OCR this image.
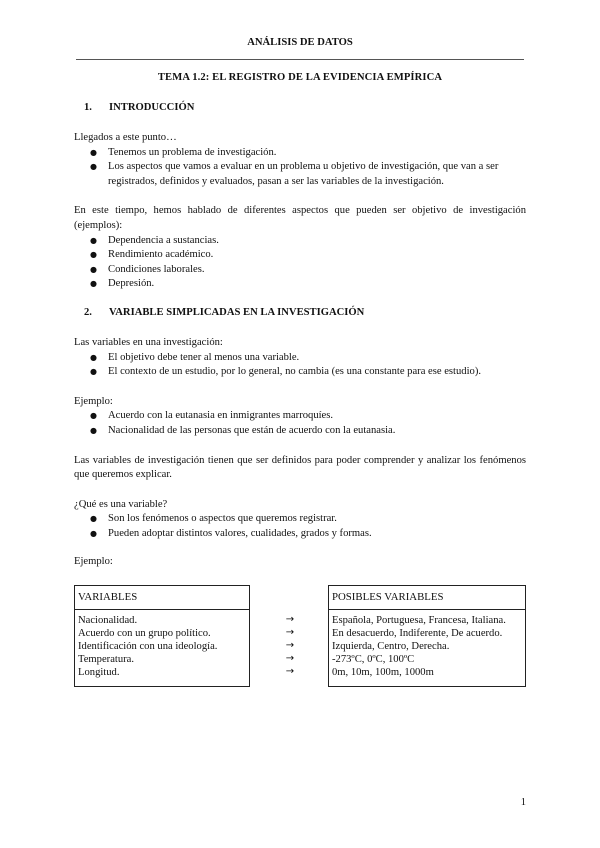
ANÁLISIS DE DATOS
TEMA 1.2: EL REGISTRO DE LA EVIDENCIA EMPÍRICA
1. INTRODUCCIÓN

Llegados a este punto…

● Tenemos un problema de investigación.
● Los aspectos que vamos a evaluar en un problema u objetivo de investigación, que van a ser registrados, definidos y evaluados, pasan a ser las variables de la investigación.

En este tiempo, hemos hablado de diferentes aspectos que pueden ser objetivo de investigación (ejemplos):

● Dependencia a sustancias.
● Rendimiento académico.
● Condiciones laborales.
● Depresión.
2. VARIABLE SIMPLICADAS EN LA INVESTIGACIÓN

Las variables en una investigación:

● El objetivo debe tener al menos una variable.
● El contexto de un estudio, por lo general, no cambia (es una constante para ese estudio).

Ejemplo:

● Acuerdo con la eutanasia en inmigrantes marroquíes.
● Nacionalidad de las personas que están de acuerdo con la eutanasia.

Las variables de investigación tienen que ser definidos para poder comprender y analizar los fenómenos que queremos explicar.

¿Qué es una variable?

● Son los fenómenos o aspectos que queremos registrar.
● Pueden adoptar distintos valores, cualidades, grados y formas.

Ejemplo:

VARIABLES
Nacionalidad.
Acuerdo con un grupo político.
Identificación con una ideología.
Temperatura.
Longitud.
→
→
→
→
→
POSIBLES VARIABLES
Española, Portuguesa, Francesa, Italiana.
En desacuerdo, Indiferente, De acuerdo.
Izquierda, Centro, Derecha.
-273ºC, 0ºC, 100ºC
0m, 10m, 100m, 1000m
1
